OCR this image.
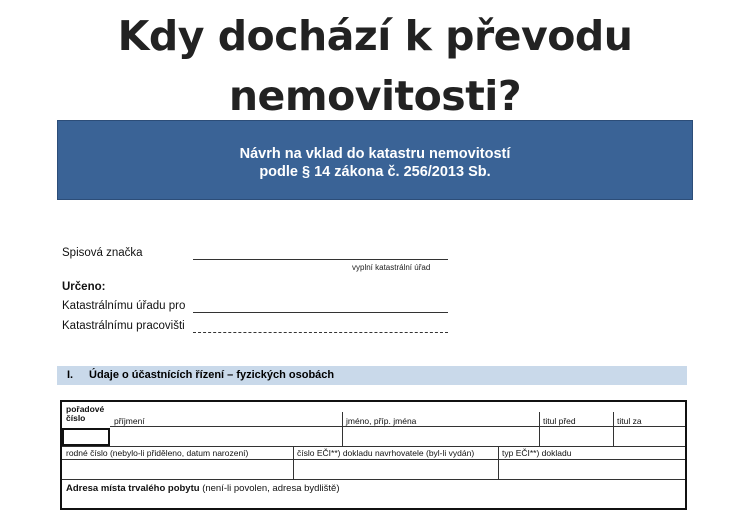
Kdy dochází k převodu
nemovitosti?
Návrh na vklad do katastru nemovitostí
podle § 14 zákona č. 256/2013 Sb.
Spisová značka
vyplní katastrální úřad
Určeno:
Katastrálnímu úřadu pro
Katastrálnímu pracovišti
I. Údaje o účastnících řízení – fyzických osobách
pořadové
číslo	příjmení	jméno, příp. jména	titul před	titul za
rodné číslo (nebylo-li přiděleno, datum narození)	číslo EČI**) dokladu navrhovatele (byl-li vydán)	typ EČI**) dokladu
Adresa místa trvalého pobytu (není-li povolen, adresa bydliště)
